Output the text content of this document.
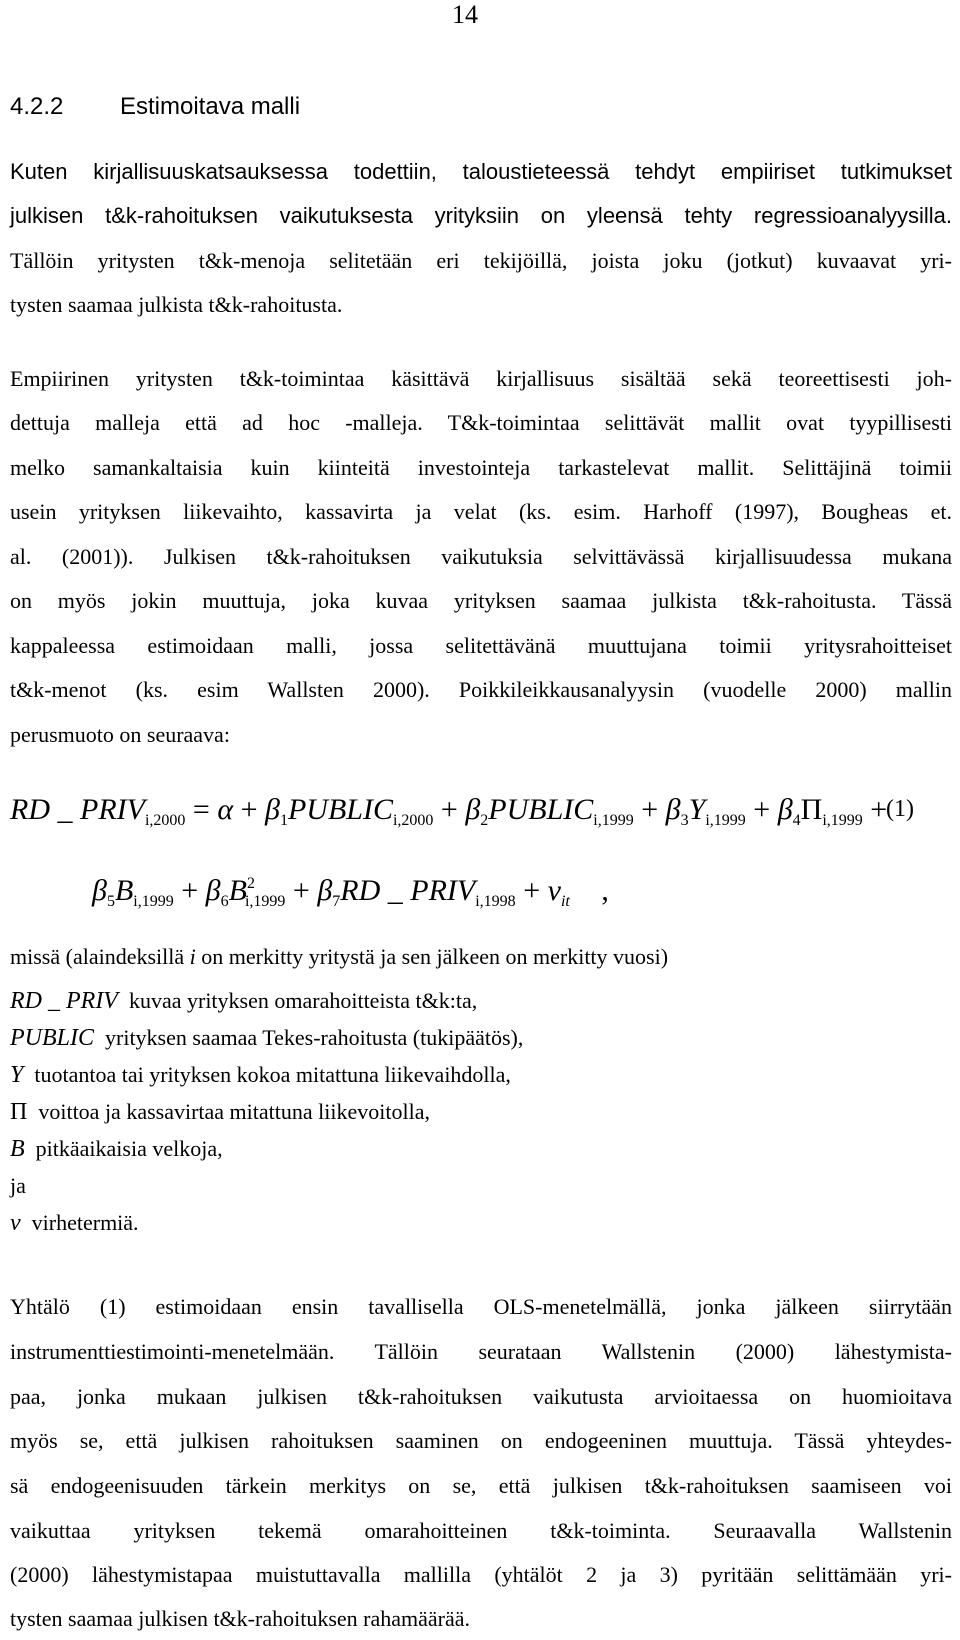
14
4.2.2 Estimoitava malli
Kuten kirjallisuuskatsauksessa todettiin, taloustieteessä tehdyt empiiriset tutkimukset
julkisen t&k-rahoituksen vaikutuksesta yrityksiin on yleensä tehty regressioanalyysilla.
Tällöin yritysten t&k-menoja selitetään eri tekijöillä, joista joku (jotkut) kuvaavat yri-
tysten saamaa julkista t&k-rahoitusta.
Empiirinen yritysten t&k-toimintaa käsittävä kirjallisuus sisältää sekä teoreettisesti joh-
dettuja malleja että ad hoc -malleja. T&k-toimintaa selittävät mallit ovat tyypillisesti
melko samankaltaisia kuin kiinteitä investointeja tarkastelevat mallit. Selittäjinä toimii
usein yrityksen liikevaihto, kassavirta ja velat (ks. esim. Harhoff (1997), Bougheas et.
al. (2001)). Julkisen t&k-rahoituksen vaikutuksia selvittävässä kirjallisuudessa mukana
on myös jokin muuttuja, joka kuvaa yrityksen saamaa julkista t&k-rahoitusta. Tässä
kappaleessa estimoidaan malli, jossa selitettävänä muuttujana toimii yritysrahoitteiset
t&k-menot (ks. esim Wallsten 2000). Poikkileikkausanalyysin (vuodelle 2000) mallin
perusmuoto on seuraava:
RD _ $PRIV_{i,2000} = \alpha$ + $\beta_1PUBLIC_{i,2000}$ + $\beta_2PUBLIC_{i,1999} + \beta_3Y_{i,1999} + \beta_4\Pi_{i,1999}$ +
(1)
$\beta_5B_{i,1999} + \beta_6B^2_{i,1999} + \beta_7RD$ _ $PRIV_{i,1998} + v_{it}$ ,
missä (alaindeksillä i on merkitty yritystä ja sen jälkeen on merkitty vuosi)
RD _ PRIV kuvaa yrityksen omarahoitteista t&k:ta,
PUBLIC yrityksen saamaa Tekes-rahoitusta (tukipäätös),
Y tuotantoa tai yrityksen kokoa mitattuna liikevaihdolla,
Π voittoa ja kassavirtaa mitattuna liikevoitolla,
B pitkäaikaisia velkoja,
ja
v virhetermiä.
Yhtälö (1) estimoidaan ensin tavallisella OLS-menetelmällä, jonka jälkeen siirrytään
instrumenttiestimointi-menetelmään. Tällöin seurataan Wallstenin (2000) lähestymista-
paa, jonka mukaan julkisen t&k-rahoituksen vaikutusta arvioitaessa on huomioitava
myös se, että julkisen rahoituksen saaminen on endogeeninen muuttuja. Tässä yhteydes-
sä endogeenisuuden tärkein merkitys on se, että julkisen t&k-rahoituksen saamiseen voi
vaikuttaa yrityksen tekemä omarahoitteinen t&k-toiminta. Seuraavalla Wallstenin
(2000) lähestymistapaa muistuttavalla mallilla (yhtälöt 2 ja 3) pyritään selittämään yri-
tysten saamaa julkisen t&k-rahoituksen rahamäärää.
